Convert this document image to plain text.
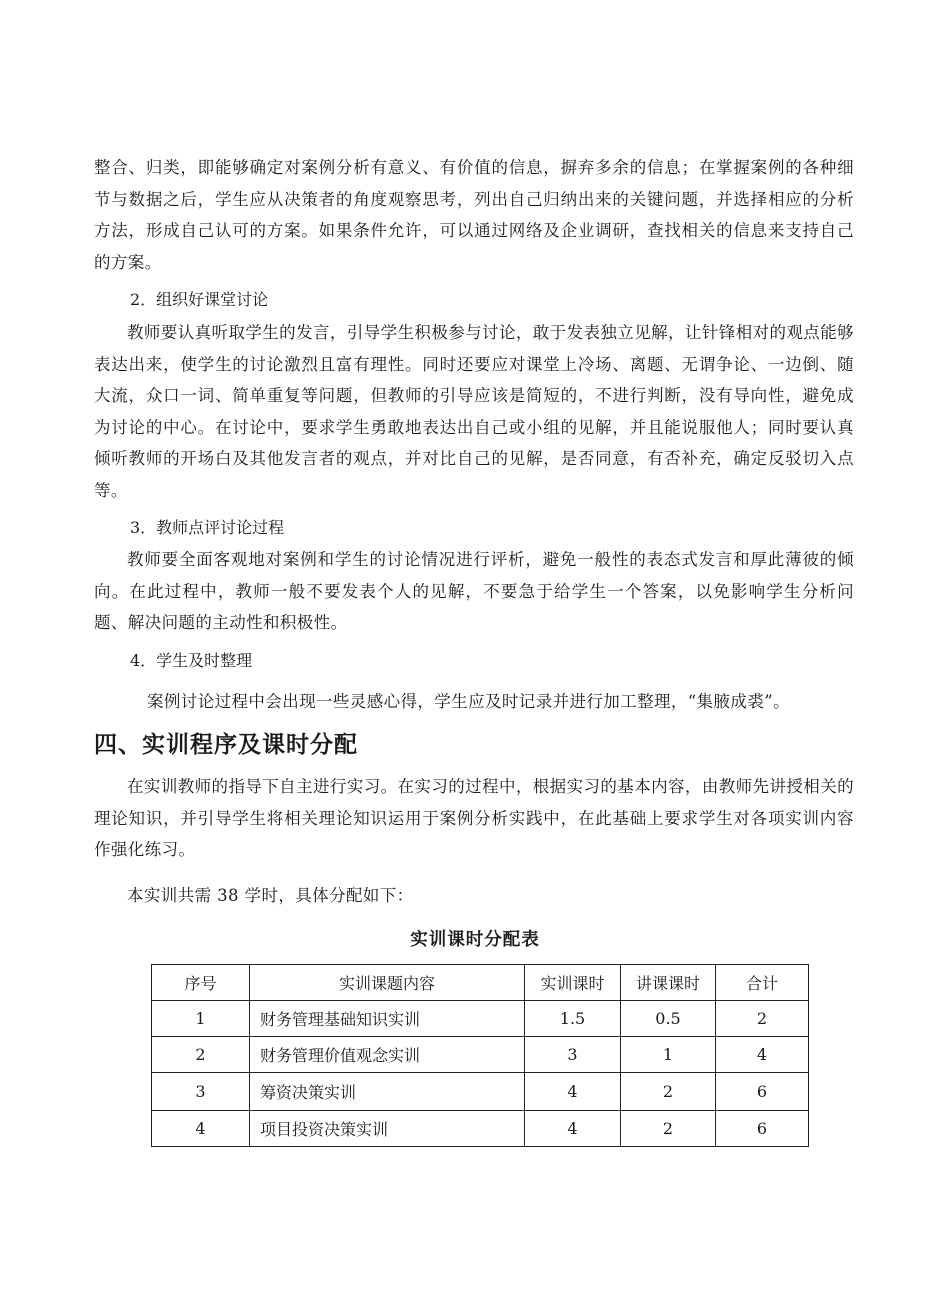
整合、归类，即能够确定对案例分析有意义、有价值的信息，摒弃多余的信息；在掌握案例的各种细节与数据之后，学生应从决策者的角度观察思考，列出自己归纳出来的关键问题，并选择相应的分析方法，形成自己认可的方案。如果条件允许，可以通过网络及企业调研，查找相关的信息来支持自己的方案。

2．组织好课堂讨论

教师要认真听取学生的发言，引导学生积极参与讨论，敢于发表独立见解，让针锋相对的观点能够表达出来，使学生的讨论激烈且富有理性。同时还要应对课堂上冷场、离题、无谓争论、一边倒、随大流，众口一词、简单重复等问题，但教师的引导应该是简短的，不进行判断，没有导向性，避免成为讨论的中心。在讨论中，要求学生勇敢地表达出自己或小组的见解，并且能说服他人；同时要认真倾听教师的开场白及其他发言者的观点，并对比自己的见解，是否同意，有否补充，确定反驳切入点等。

3．教师点评讨论过程

教师要全面客观地对案例和学生的讨论情况进行评析，避免一般性的表态式发言和厚此薄彼的倾向。在此过程中，教师一般不要发表个人的见解，不要急于给学生一个答案，以免影响学生分析问题、解决问题的主动性和积极性。

4．学生及时整理

案例讨论过程中会出现一些灵感心得，学生应及时记录并进行加工整理，“集腋成裘”。

四、实训程序及课时分配

在实训教师的指导下自主进行实习。在实习的过程中，根据实习的基本内容，由教师先讲授相关的理论知识，并引导学生将相关理论知识运用于案例分析实践中，在此基础上要求学生对各项实训内容作强化练习。

本实训共需 38 学时，具体分配如下：

实训课时分配表

序号	实训课题内容	实训课时	讲课课时	合计
1	财务管理基础知识实训	1.5	0.5	2
2	财务管理价值观念实训	3	1	4
3	筹资决策实训	4	2	6
4	项目投资决策实训	4	2	6
